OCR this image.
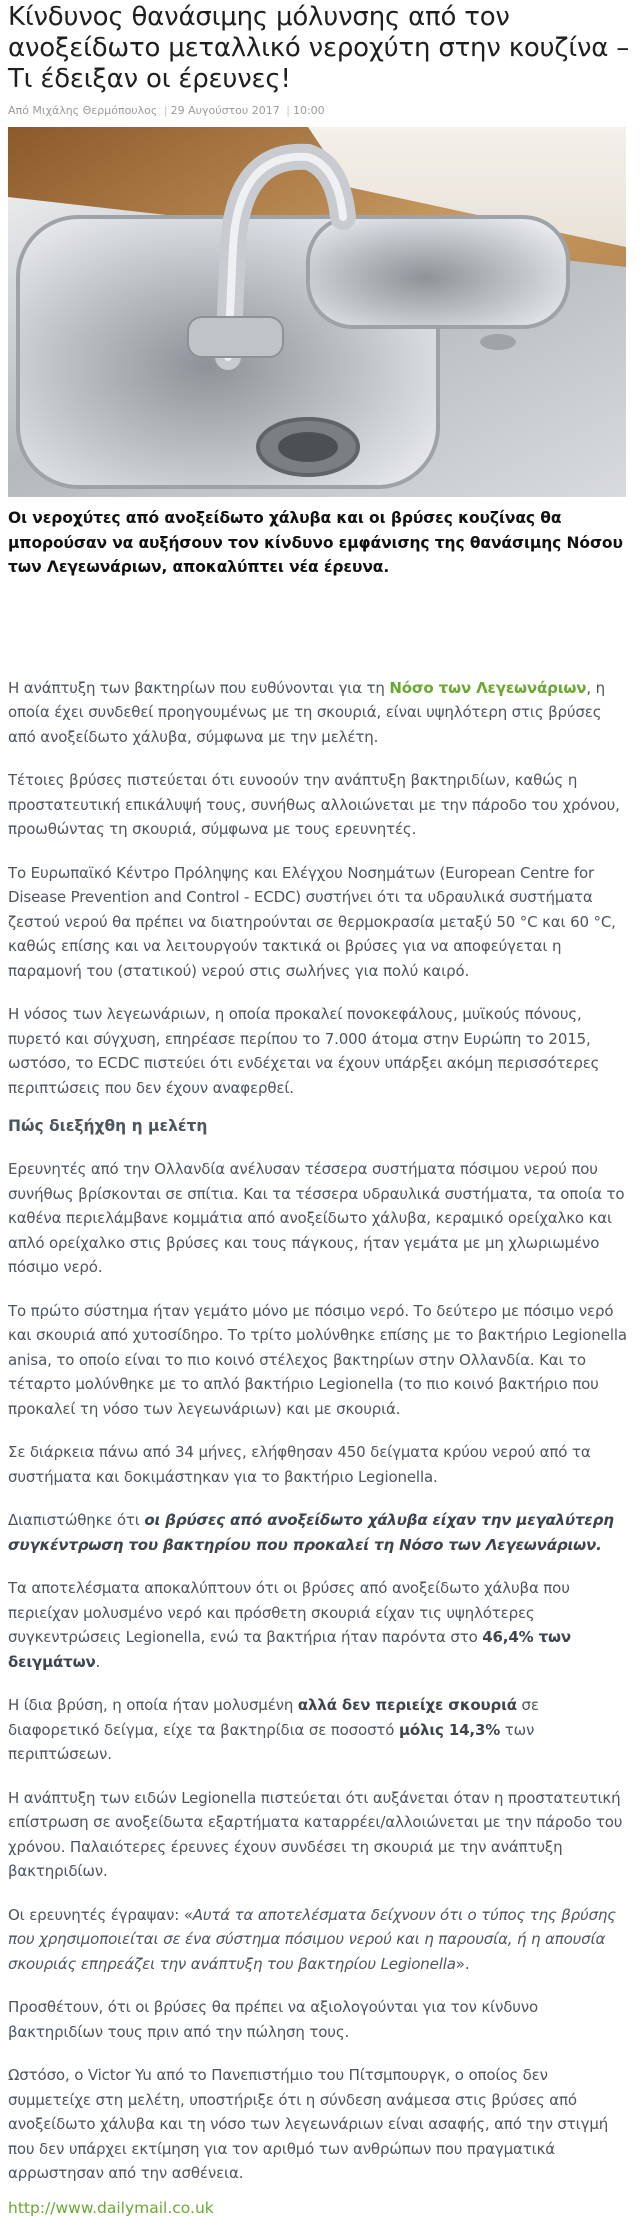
Κίνδυνος θανάσιμης μόλυνσης από τον ανοξείδωτο μεταλλικό νεροχύτη στην κουζίνα – Τι έδειξαν οι έρευνες!
Από Μιχάλης Θερμόπουλος | 29 Αυγούστου 2017 | 10:00
Οι νεροχύτες από ανοξείδωτο χάλυβα και οι βρύσες κουζίνας θα μπορούσαν να αυξήσουν τον κίνδυνο εμφάνισης της θανάσιμης Νόσου των Λεγεωνάριων, αποκαλύπτει νέα έρευνα.

Η ανάπτυξη των βακτηρίων που ευθύνονται για τη Νόσο των Λεγεωνάριων, η οποία έχει συνδεθεί προηγουμένως με τη σκουριά, είναι υψηλότερη στις βρύσες από ανοξείδωτο χάλυβα, σύμφωνα με την μελέτη.

Τέτοιες βρύσες πιστεύεται ότι ευνοούν την ανάπτυξη βακτηριδίων, καθώς η προστατευτική επικάλυψή τους, συνήθως αλλοιώνεται με την πάροδο του χρόνου, προωθώντας τη σκουριά, σύμφωνα με τους ερευνητές.

Το Ευρωπαϊκό Κέντρο Πρόληψης και Ελέγχου Νοσημάτων (European Centre for Disease Prevention and Control - ECDC) συστήνει ότι τα υδραυλικά συστήματα ζεστού νερού θα πρέπει να διατηρούνται σε θερμοκρασία μεταξύ 50 °C και 60 °C, καθώς επίσης και να λειτουργούν τακτικά οι βρύσες για να αποφεύγεται η παραμονή του (στατικού) νερού στις σωλήνες για πολύ καιρό.

Η νόσος των λεγεωνάριων, η οποία προκαλεί πονοκεφάλους, μυϊκούς πόνους, πυρετό και σύγχυση, επηρέασε περίπου το 7.000 άτομα στην Ευρώπη το 2015, ωστόσο, το ECDC πιστεύει ότι ενδέχεται να έχουν υπάρξει ακόμη περισσότερες περιπτώσεις που δεν έχουν αναφερθεί.

Πώς διεξήχθη η μελέτη

Ερευνητές από την Ολλανδία ανέλυσαν τέσσερα συστήματα πόσιμου νερού που συνήθως βρίσκονται σε σπίτια. Και τα τέσσερα υδραυλικά συστήματα, τα οποία το καθένα περιελάμβανε κομμάτια από ανοξείδωτο χάλυβα, κεραμικό ορείχαλκο και απλό ορείχαλκο στις βρύσες και τους πάγκους, ήταν γεμάτα με μη χλωριωμένο πόσιμο νερό.

Το πρώτο σύστημα ήταν γεμάτο μόνο με πόσιμο νερό. Το δεύτερο με πόσιμο νερό και σκουριά από χυτοσίδηρο. Το τρίτο μολύνθηκε επίσης με το βακτήριο Legionella anisa, το οποίο είναι το πιο κοινό στέλεχος βακτηρίων στην Ολλανδία. Και το τέταρτο μολύνθηκε με το απλό βακτήριο Legionella (το πιο κοινό βακτήριο που προκαλεί τη νόσο των λεγεωνάριων) και με σκουριά.

Σε διάρκεια πάνω από 34 μήνες, ελήφθησαν 450 δείγματα κρύου νερού από τα συστήματα και δοκιμάστηκαν για το βακτήριο Legionella.

Διαπιστώθηκε ότι οι βρύσες από ανοξείδωτο χάλυβα είχαν την μεγαλύτερη συγκέντρωση του βακτηρίου που προκαλεί τη Νόσο των Λεγεωνάριων.

Τα αποτελέσματα αποκαλύπτουν ότι οι βρύσες από ανοξείδωτο χάλυβα που περιείχαν μολυσμένο νερό και πρόσθετη σκουριά είχαν τις υψηλότερες συγκεντρώσεις Legionella, ενώ τα βακτήρια ήταν παρόντα στο 46,4% των δειγμάτων.

Η ίδια βρύση, η οποία ήταν μολυσμένη αλλά δεν περιείχε σκουριά σε διαφορετικό δείγμα, είχε τα βακτηρίδια σε ποσοστό μόλις 14,3% των περιπτώσεων.

Η ανάπτυξη των ειδών Legionella πιστεύεται ότι αυξάνεται όταν η προστατευτική επίστρωση σε ανοξείδωτα εξαρτήματα καταρρέει/αλλοιώνεται με την πάροδο του χρόνου. Παλαιότερες έρευνες έχουν συνδέσει τη σκουριά με την ανάπτυξη βακτηριδίων.

Οι ερευνητές έγραψαν: «Αυτά τα αποτελέσματα δείχνουν ότι ο τύπος της βρύσης που χρησιμοποιείται σε ένα σύστημα πόσιμου νερού και η παρουσία, ή η απουσία σκουριάς επηρεάζει την ανάπτυξη του βακτηρίου Legionella».

Προσθέτουν, ότι οι βρύσες θα πρέπει να αξιολογούνται για τον κίνδυνο βακτηριδίων τους πριν από την πώληση τους.

Ωστόσο, ο Victor Yu από το Πανεπιστήμιο του Πίτσμπουργκ, ο οποίος δεν συμμετείχε στη μελέτη, υποστήριξε ότι η σύνδεση ανάμεσα στις βρύσες από ανοξείδωτο χάλυβα και τη νόσο των λεγεωνάριων είναι ασαφής, από την στιγμή που δεν υπάρχει εκτίμηση για τον αριθμό των ανθρώπων που πραγματικά αρρωστησαν από την ασθένεια.

http://www.dailymail.co.uk
